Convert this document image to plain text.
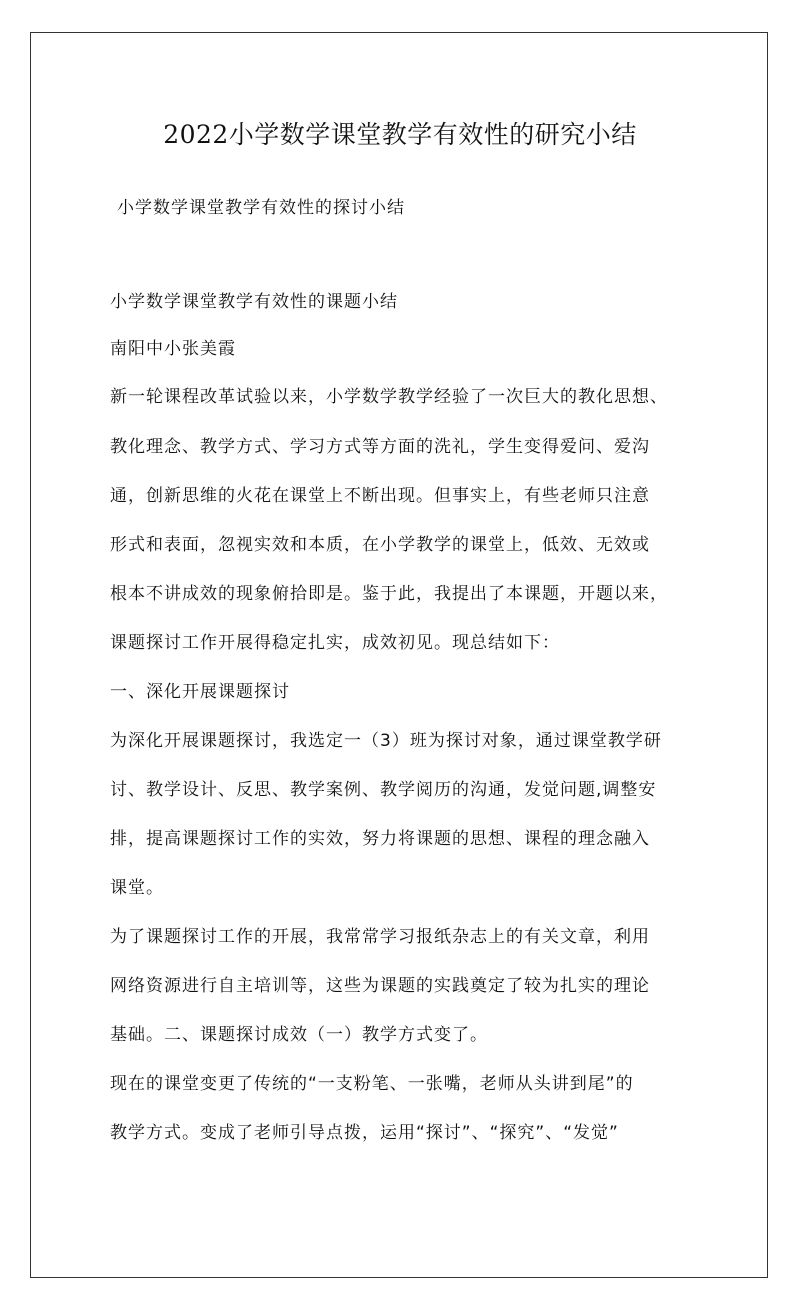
2022小学数学课堂教学有效性的研究小结
小学数学课堂教学有效性的探讨小结
小学数学课堂教学有效性的课题小结
南阳中小张美霞
新一轮课程改革试验以来，小学数学教学经验了一次巨大的教化思想、
教化理念、教学方式、学习方式等方面的洗礼，学生变得爱问、爱沟
通，创新思维的火花在课堂上不断出现。但事实上，有些老师只注意
形式和表面，忽视实效和本质，在小学教学的课堂上，低效、无效或
根本不讲成效的现象俯拾即是。鉴于此，我提出了本课题，开题以来，
课题探讨工作开展得稳定扎实，成效初见。现总结如下：
一、深化开展课题探讨
为深化开展课题探讨，我选定一（3）班为探讨对象，通过课堂教学研
讨、教学设计、反思、教学案例、教学阅历的沟通，发觉问题,调整安
排，提高课题探讨工作的实效，努力将课题的思想、课程的理念融入
课堂。
为了课题探讨工作的开展，我常常学习报纸杂志上的有关文章，利用
网络资源进行自主培训等，这些为课题的实践奠定了较为扎实的理论
基础。二、课题探讨成效（一）教学方式变了。
现在的课堂变更了传统的“一支粉笔、一张嘴，老师从头讲到尾”的
教学方式。变成了老师引导点拨，运用“探讨”、“探究”、“发觉”
